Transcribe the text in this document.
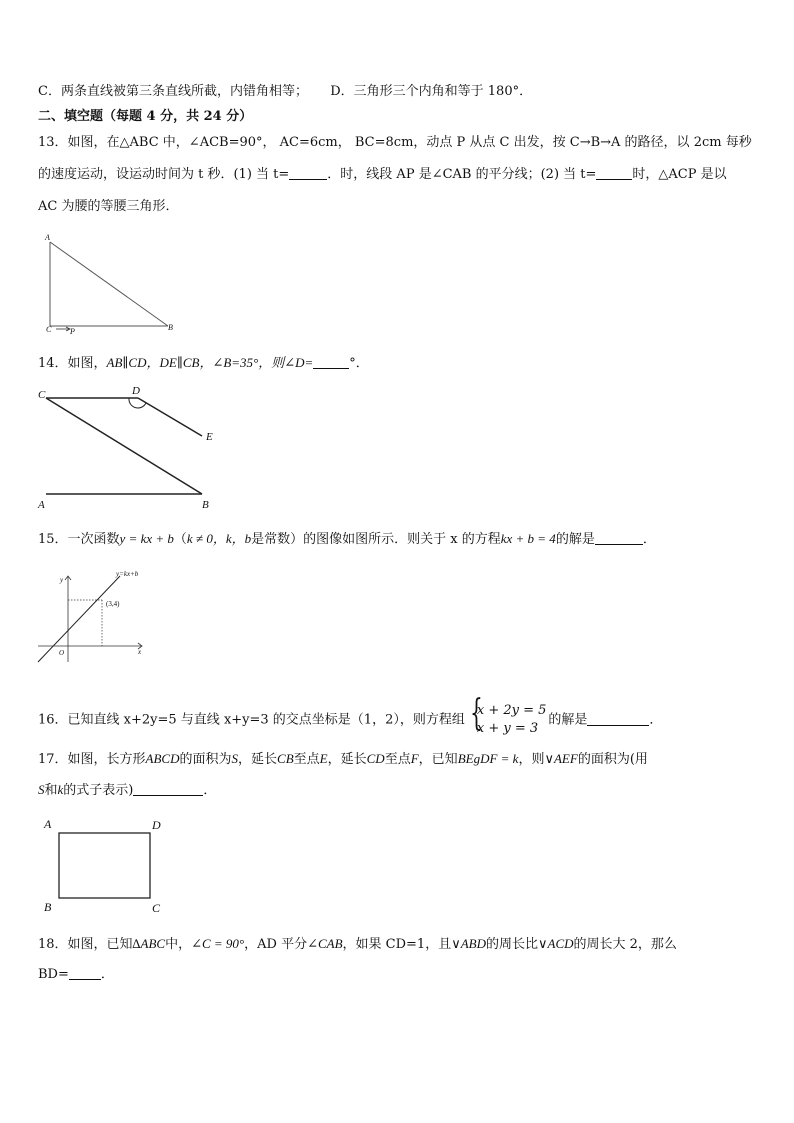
C．两条直线被第三条直线所截，内错角相等； D．三角形三个内角和等于 180°．
二、填空题（每题 4 分，共 24 分）
13．如图，在△ABC 中，∠ACB=90°， AC=6cm， BC=8cm，动点 P 从点 C 出发，按 C→B→A 的路径，以 2cm 每秒
的速度运动，设运动时间为 t 秒．(1) 当 t=	．时，线段 AP 是∠CAB 的平分线；(2) 当 t=	时，△ACP 是以
AC 为腰的等腰三角形．
A
C P	B
14．如图，AB∥CD，DE∥CB，∠B=35°，则∠D=	°．
C	D
E
A	B
15．一次函数y = kx + b（k ≠ 0，k，b是常数）的图像如图所示．则关于 x 的方程kx + b = 4的解是	．
y
y=kx+b
(3,4)
O	x
16．已知直线 x+2y=5 与直线 x+y=3 的交点坐标是（1，2），则方程组 {
x + 2y = 5
x + y = 3
的解是	．
17．如图，长方形ABCD的面积为S，延长CB至点E，延长CD至点F，已知BEgDF = k，则∨AEF的面积为(用
S和k的式子表示)	．
A	D
B	C
18．如图，已知∆ABC中，∠C = 90°，AD 平分∠CAB，如果 CD=1，且∨ABD的周长比∨ACD的周长大 2，那么
BD= ．
